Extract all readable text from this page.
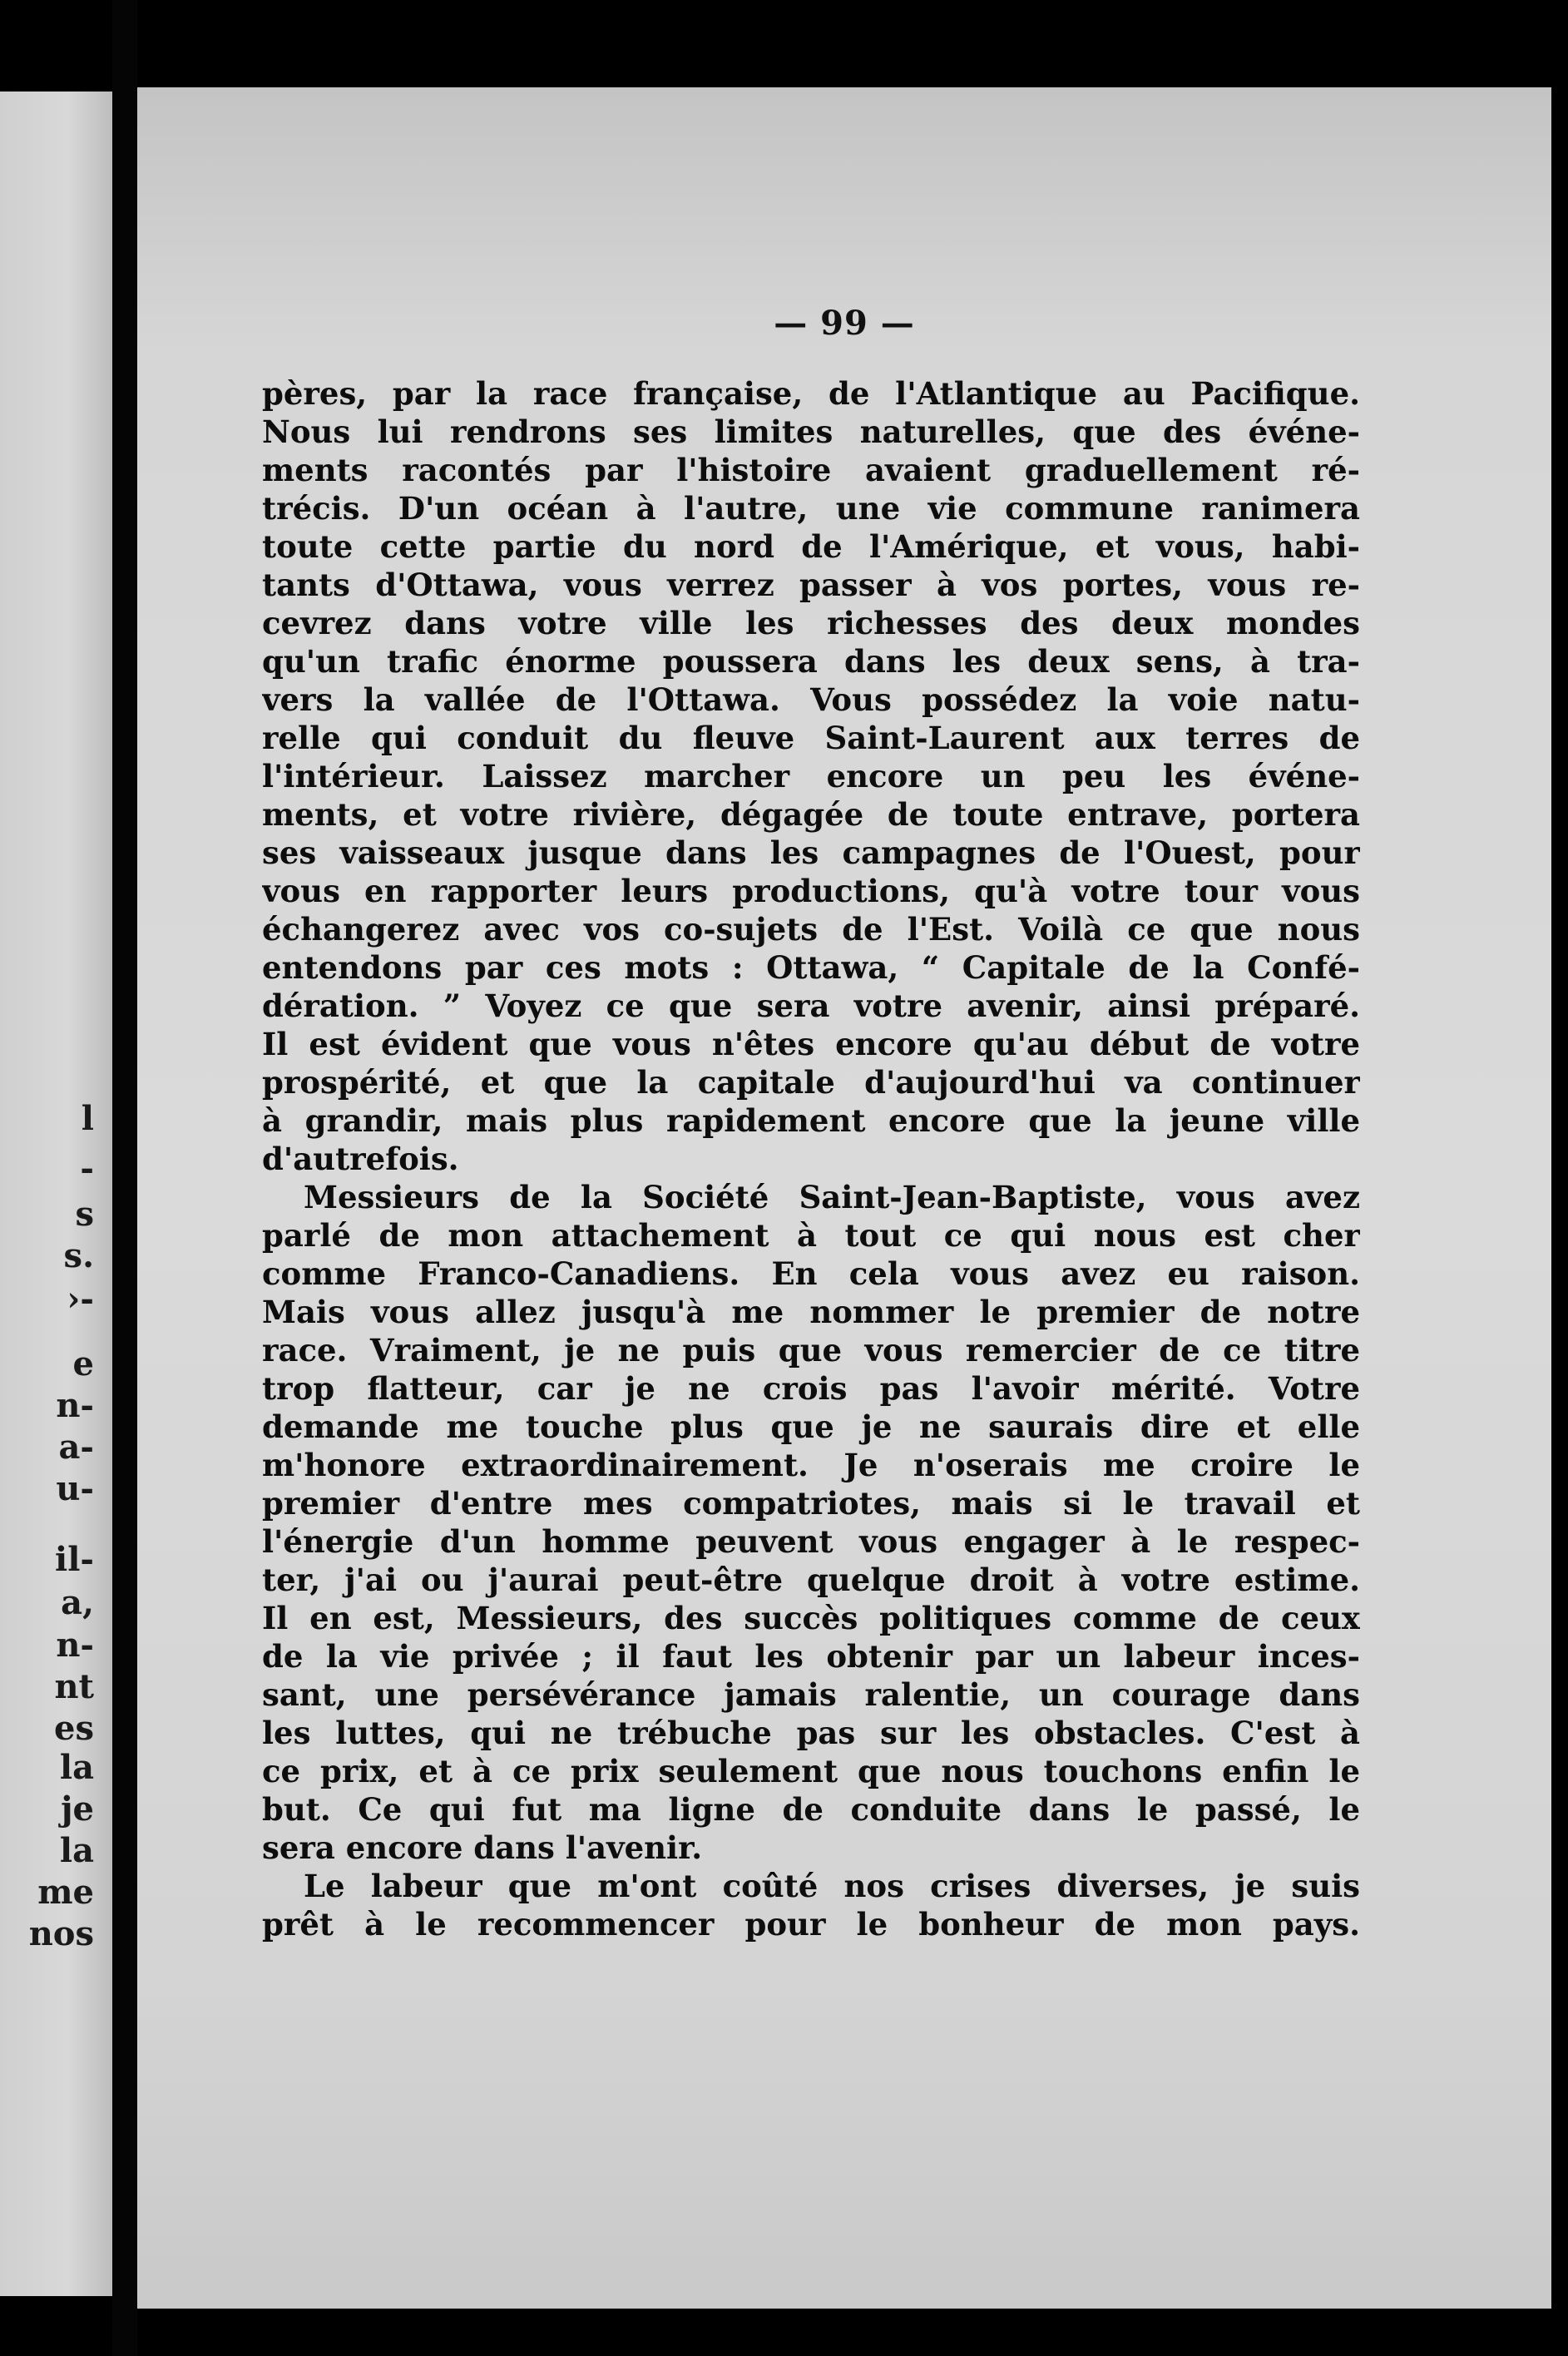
l
-
s
s.
›-
e
n-
a-
u-
il-
a,
n-
nt
es
la
je
la
me
nos
— 99 —
pères, par la race française, de l'Atlantique au Pacifique.
Nous lui rendrons ses limites naturelles, que des événe-
ments racontés par l'histoire avaient graduellement ré-
trécis. D'un océan à l'autre, une vie commune ranimera
toute cette partie du nord de l'Amérique, et vous, habi-
tants d'Ottawa, vous verrez passer à vos portes, vous re-
cevrez dans votre ville les richesses des deux mondes
qu'un trafic énorme poussera dans les deux sens, à tra-
vers la vallée de l'Ottawa. Vous possédez la voie natu-
relle qui conduit du fleuve Saint-Laurent aux terres de
l'intérieur. Laissez marcher encore un peu les événe-
ments, et votre rivière, dégagée de toute entrave, portera
ses vaisseaux jusque dans les campagnes de l'Ouest, pour
vous en rapporter leurs productions, qu'à votre tour vous
échangerez avec vos co-sujets de l'Est. Voilà ce que nous
entendons par ces mots : Ottawa, “ Capitale de la Confé-
dération. ” Voyez ce que sera votre avenir, ainsi préparé.
Il est évident que vous n'êtes encore qu'au début de votre
prospérité, et que la capitale d'aujourd'hui va continuer
à grandir, mais plus rapidement encore que la jeune ville
d'autrefois.
Messieurs de la Société Saint-Jean-Baptiste, vous avez
parlé de mon attachement à tout ce qui nous est cher
comme Franco-Canadiens. En cela vous avez eu raison.
Mais vous allez jusqu'à me nommer le premier de notre
race. Vraiment, je ne puis que vous remercier de ce titre
trop flatteur, car je ne crois pas l'avoir mérité. Votre
demande me touche plus que je ne saurais dire et elle
m'honore extraordinairement. Je n'oserais me croire le
premier d'entre mes compatriotes, mais si le travail et
l'énergie d'un homme peuvent vous engager à le respec-
ter, j'ai ou j'aurai peut-être quelque droit à votre estime.
Il en est, Messieurs, des succès politiques comme de ceux
de la vie privée ; il faut les obtenir par un labeur inces-
sant, une persévérance jamais ralentie, un courage dans
les luttes, qui ne trébuche pas sur les obstacles. C'est à
ce prix, et à ce prix seulement que nous touchons enfin le
but. Ce qui fut ma ligne de conduite dans le passé, le
sera encore dans l'avenir.
Le labeur que m'ont coûté nos crises diverses, je suis
prêt à le recommencer pour le bonheur de mon pays.
